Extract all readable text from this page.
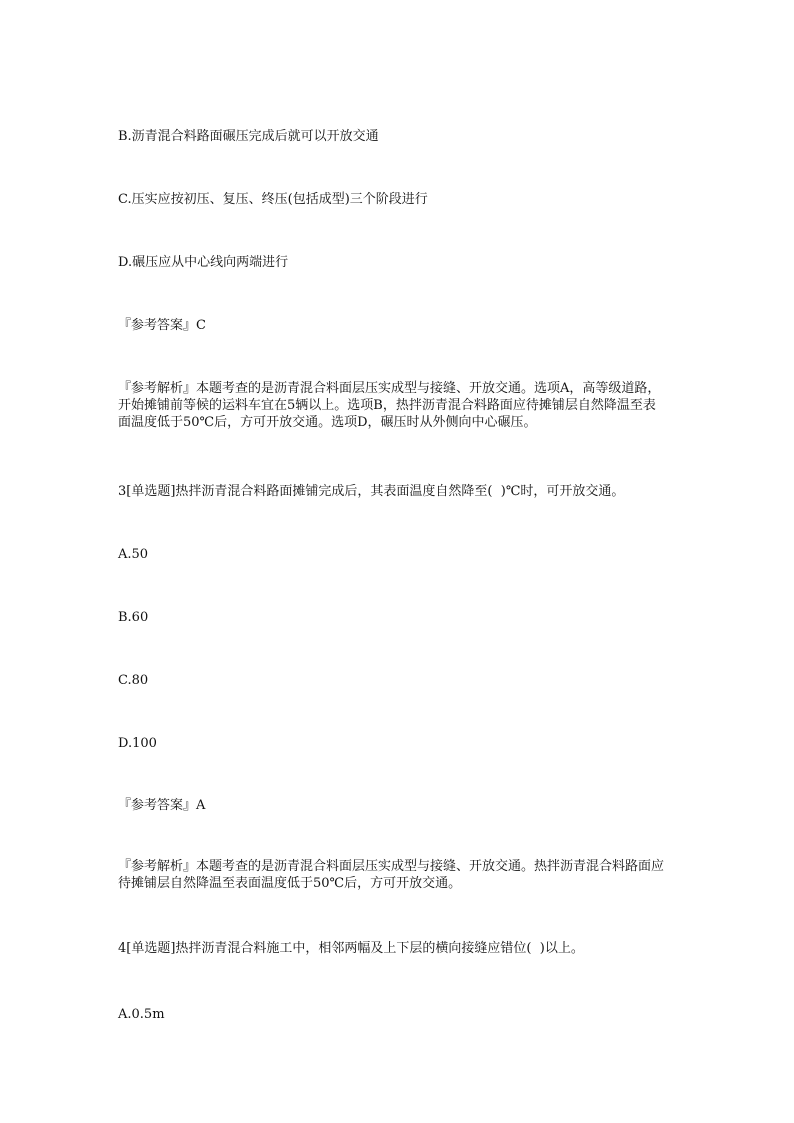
B.沥青混合料路面碾压完成后就可以开放交通
C.压实应按初压、复压、终压(包括成型)三个阶段进行
D.碾压应从中心线向两端进行
『参考答案』C
『参考解析』本题考查的是沥青混合料面层压实成型与接缝、开放交通。选项A，高等级道路，开始摊铺前等候的运料车宜在5辆以上。选项B，热拌沥青混合料路面应待摊铺层自然降温至表面温度低于50℃后，方可开放交通。选项D，碾压时从外侧向中心碾压。
3[单选题]热拌沥青混合料路面摊铺完成后，其表面温度自然降至(  )℃时，可开放交通。
A.50
B.60
C.80
D.100
『参考答案』A
『参考解析』本题考查的是沥青混合料面层压实成型与接缝、开放交通。热拌沥青混合料路面应待摊铺层自然降温至表面温度低于50℃后，方可开放交通。
4[单选题]热拌沥青混合料施工中，相邻两幅及上下层的横向接缝应错位(  )以上。
A.0.5m
